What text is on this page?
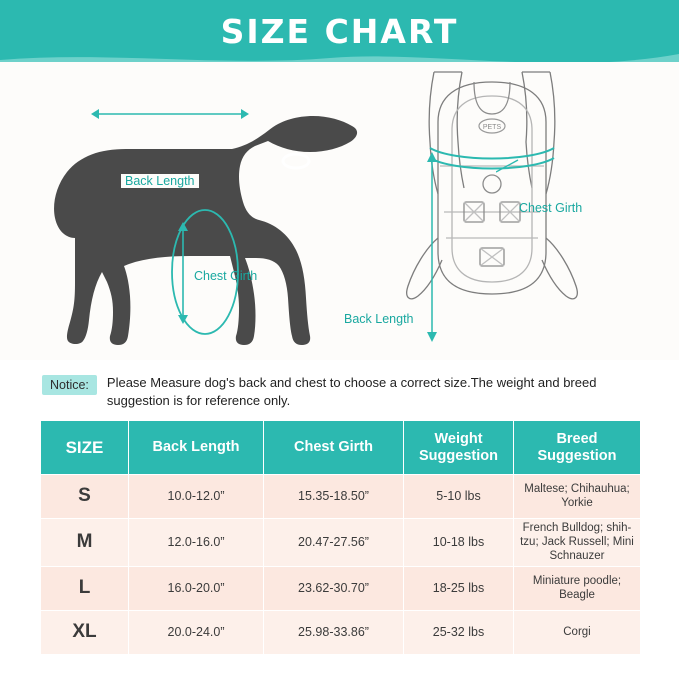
SIZE CHART
Back Length
Chest Girth
PETS
Chest Girth
Back Length
Notice:	Please Measure dog's back and chest to choose a correct size.The weight and breed suggestion is for reference only.
SIZE	Back Length	Chest Girth	Weight Suggestion	Breed Suggestion
S	10.0-12.0”	15.35-18.50”	5-10 lbs	Maltese; Chihauhua; Yorkie
M	12.0-16.0”	20.47-27.56”	10-18 lbs	French Bulldog; shih-tzu; Jack Russell; Mini Schnauzer
L	16.0-20.0”	23.62-30.70”	18-25 lbs	Miniature poodle; Beagle
XL	20.0-24.0”	25.98-33.86”	25-32 lbs	Corgi
